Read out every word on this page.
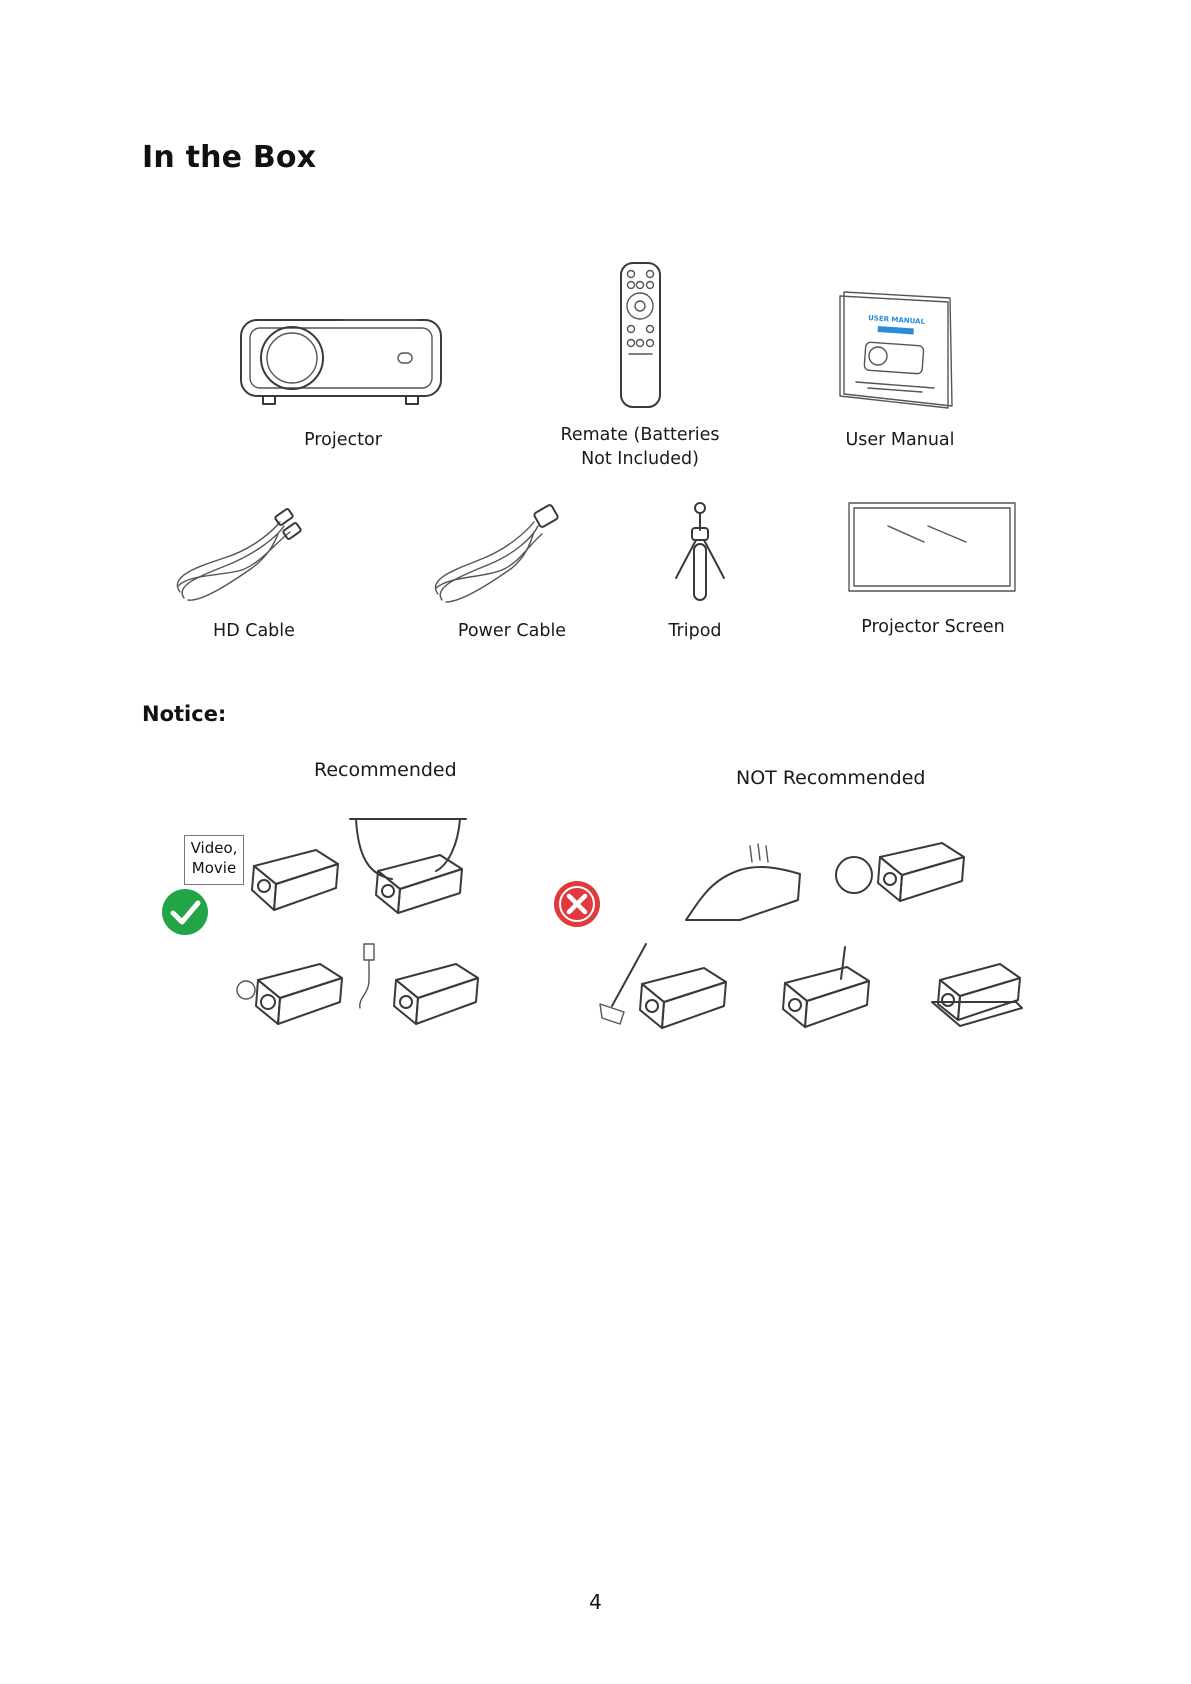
In the Box
Projector	Remate (Batteries
Not Included)
USER MANUAL
User Manual
HD Cable	Power Cable	Tripod	Projector Screen
Notice:
Recommended	NOT Recommended
Video,
Movie
4
